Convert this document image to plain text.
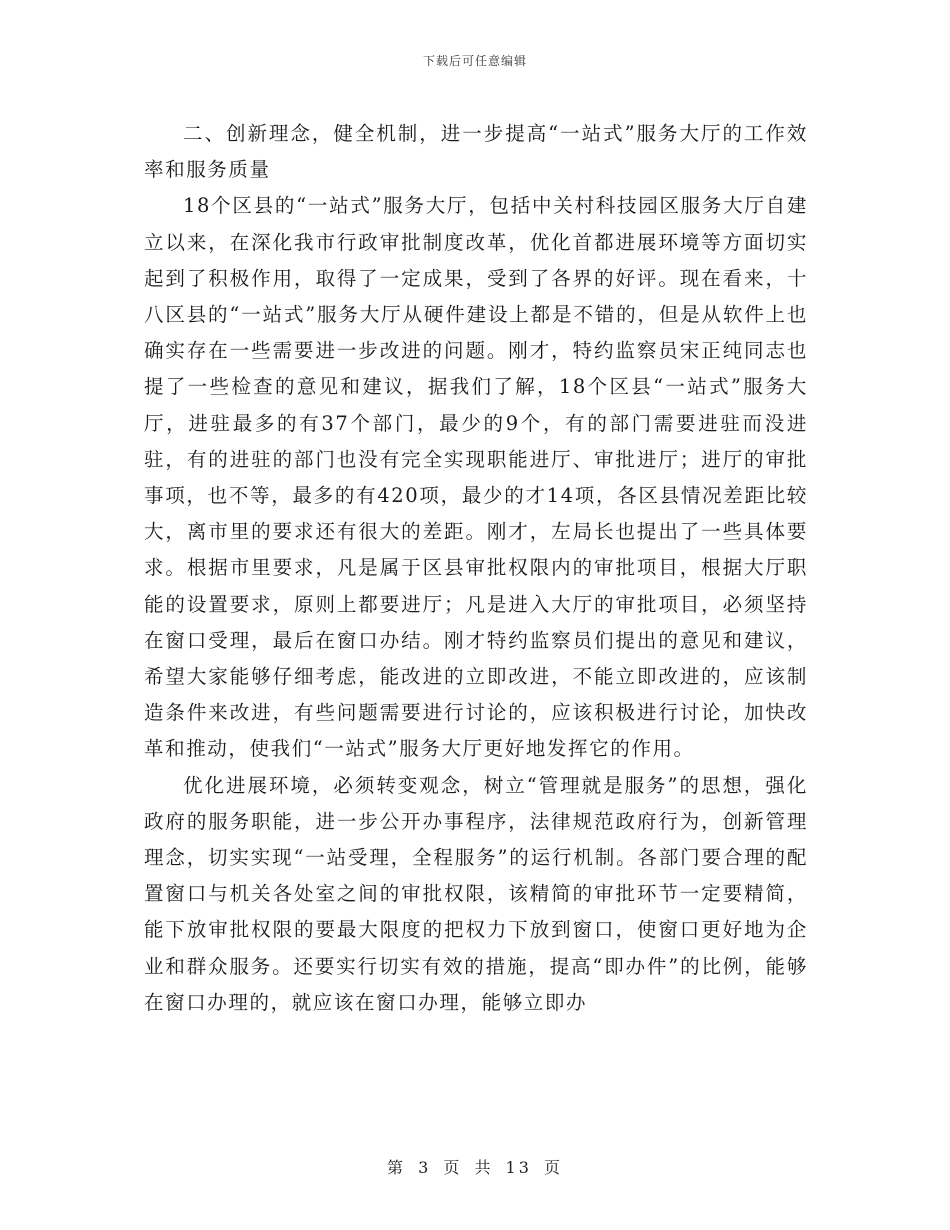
下载后可任意编辑

二、创新理念，健全机制，进一步提高“一站式”服务大厅的工作效率和服务质量

18个区县的“一站式”服务大厅，包括中关村科技园区服务大厅自建立以来，在深化我市行政审批制度改革，优化首都进展环境等方面切实起到了积极作用，取得了一定成果，受到了各界的好评。现在看来，十八区县的“一站式”服务大厅从硬件建设上都是不错的，但是从软件上也确实存在一些需要进一步改进的问题。刚才，特约监察员宋正纯同志也提了一些检查的意见和建议，据我们了解，18个区县“一站式”服务大厅，进驻最多的有37个部门，最少的9个，有的部门需要进驻而没进驻，有的进驻的部门也没有完全实现职能进厅、审批进厅；进厅的审批事项，也不等，最多的有420项，最少的才14项，各区县情况差距比较大，离市里的要求还有很大的差距。刚才，左局长也提出了一些具体要求。根据市里要求，凡是属于区县审批权限内的审批项目，根据大厅职能的设置要求，原则上都要进厅；凡是进入大厅的审批项目，必须坚持在窗口受理，最后在窗口办结。刚才特约监察员们提出的意见和建议，希望大家能够仔细考虑，能改进的立即改进，不能立即改进的，应该制造条件来改进，有些问题需要进行讨论的，应该积极进行讨论，加快改革和推动，使我们“一站式”服务大厅更好地发挥它的作用。

优化进展环境，必须转变观念，树立“管理就是服务”的思想，强化政府的服务职能，进一步公开办事程序，法律规范政府行为，创新管理理念，切实实现“一站受理，全程服务”的运行机制。各部门要合理的配置窗口与机关各处室之间的审批权限，该精简的审批环节一定要精简，能下放审批权限的要最大限度的把权力下放到窗口，使窗口更好地为企业和群众服务。还要实行切实有效的措施，提高“即办件”的比例，能够在窗口办理的，就应该在窗口办理，能够立即办

第 3 页 共 13 页
